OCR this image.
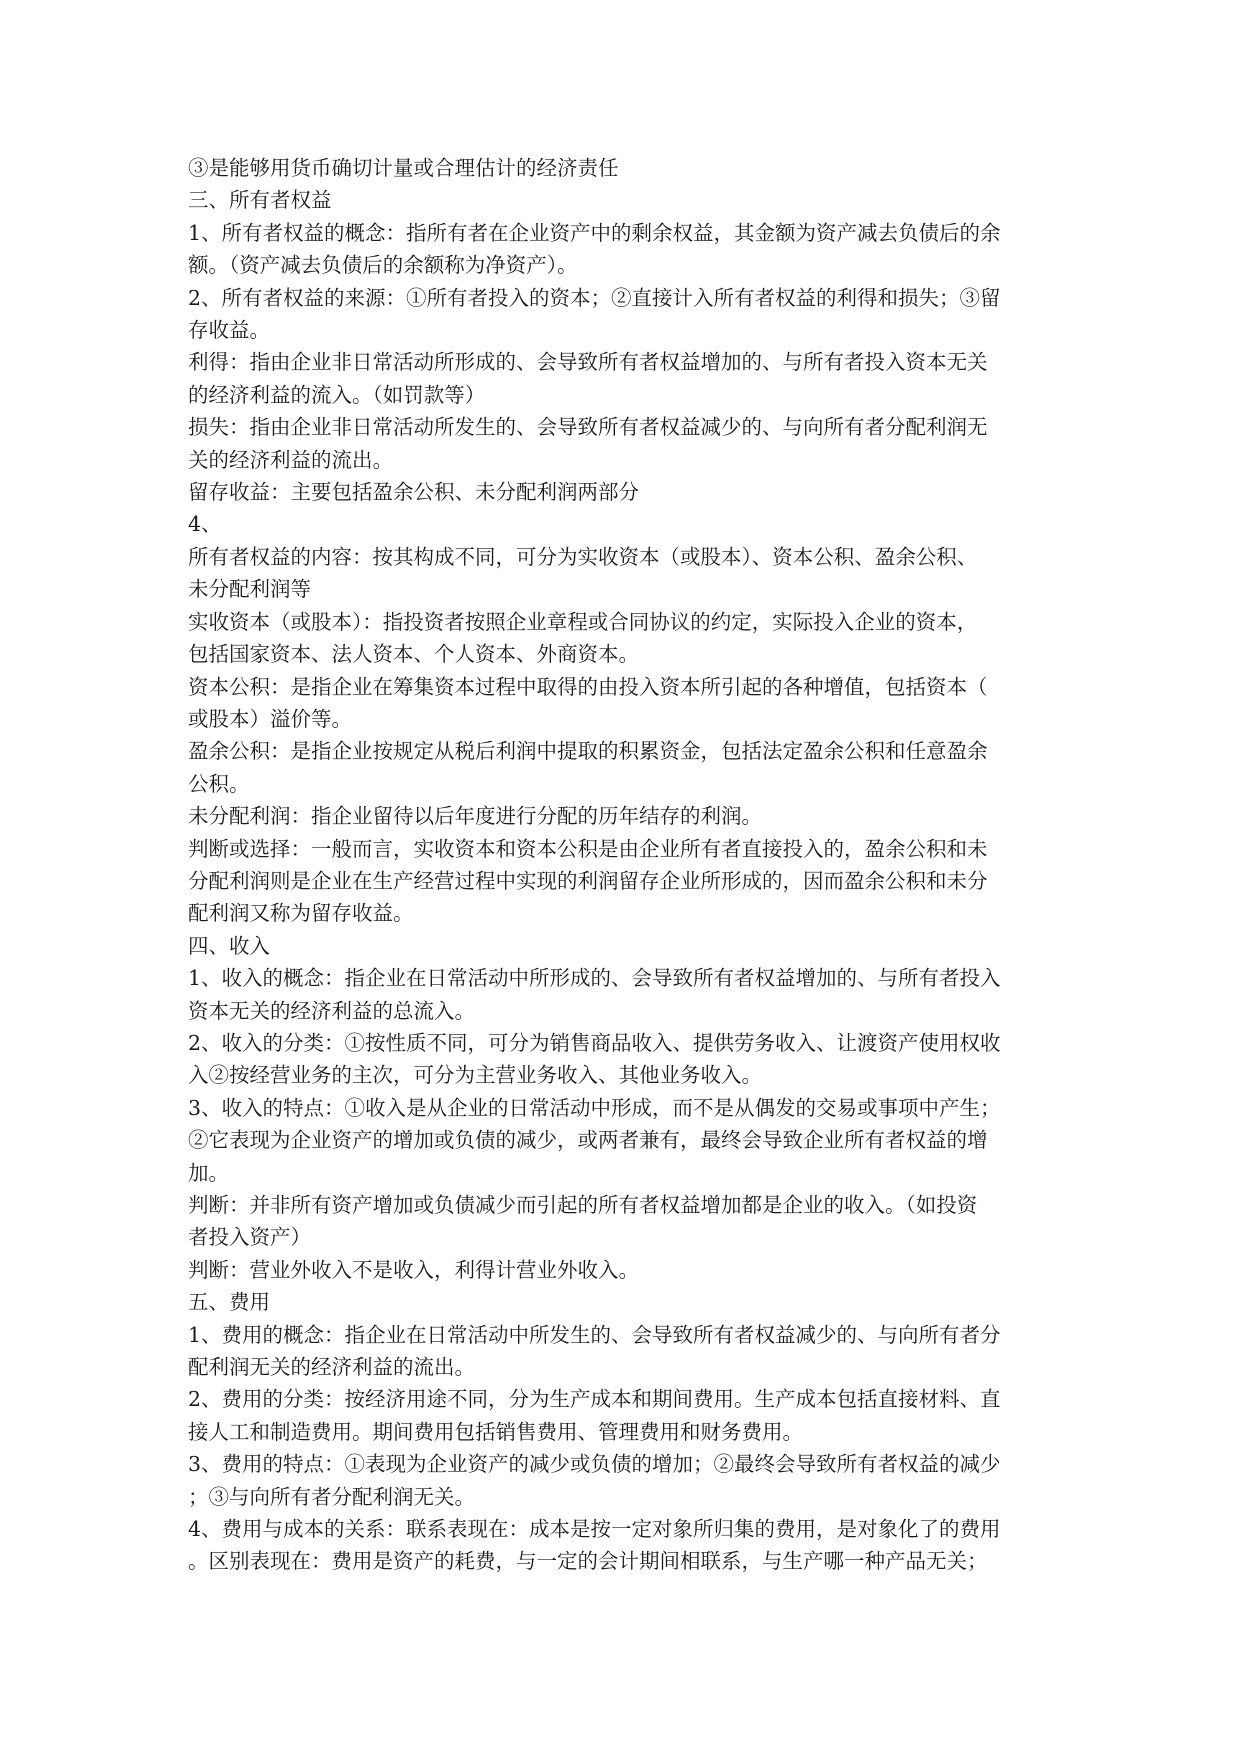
③是能够用货币确切计量或合理估计的经济责任
三、所有者权益
1、所有者权益的概念：指所有者在企业资产中的剩余权益，其金额为资产减去负债后的余
额。（资产减去负债后的余额称为净资产）。
2、所有者权益的来源：①所有者投入的资本；②直接计入所有者权益的利得和损失；③留
存收益。
利得：指由企业非日常活动所形成的、会导致所有者权益增加的、与所有者投入资本无关
的经济利益的流入。（如罚款等）
损失：指由企业非日常活动所发生的、会导致所有者权益减少的、与向所有者分配利润无
关的经济利益的流出。
留存收益：主要包括盈余公积、未分配利润两部分
4、
所有者权益的内容：按其构成不同，可分为实收资本（或股本）、资本公积、盈余公积、
未分配利润等
实收资本（或股本）：指投资者按照企业章程或合同协议的约定，实际投入企业的资本，
包括国家资本、法人资本、个人资本、外商资本。
资本公积：是指企业在筹集资本过程中取得的由投入资本所引起的各种增值，包括资本（
或股本）溢价等。
盈余公积：是指企业按规定从税后利润中提取的积累资金，包括法定盈余公积和任意盈余
公积。
未分配利润：指企业留待以后年度进行分配的历年结存的利润。
判断或选择：一般而言，实收资本和资本公积是由企业所有者直接投入的，盈余公积和未
分配利润则是企业在生产经营过程中实现的利润留存企业所形成的，因而盈余公积和未分
配利润又称为留存收益。
四、收入
1、收入的概念：指企业在日常活动中所形成的、会导致所有者权益增加的、与所有者投入
资本无关的经济利益的总流入。
2、收入的分类：①按性质不同，可分为销售商品收入、提供劳务收入、让渡资产使用权收
入②按经营业务的主次，可分为主营业务收入、其他业务收入。
3、收入的特点：①收入是从企业的日常活动中形成，而不是从偶发的交易或事项中产生；
②它表现为企业资产的增加或负债的减少，或两者兼有，最终会导致企业所有者权益的增
加。
判断：并非所有资产增加或负债减少而引起的所有者权益增加都是企业的收入。（如投资
者投入资产）
判断：营业外收入不是收入，利得计营业外收入。
五、费用
1、费用的概念：指企业在日常活动中所发生的、会导致所有者权益减少的、与向所有者分
配利润无关的经济利益的流出。
2、费用的分类：按经济用途不同，分为生产成本和期间费用。生产成本包括直接材料、直
接人工和制造费用。期间费用包括销售费用、管理费用和财务费用。
3、费用的特点：①表现为企业资产的减少或负债的增加；②最终会导致所有者权益的减少
；③与向所有者分配利润无关。
4、费用与成本的关系：联系表现在：成本是按一定对象所归集的费用，是对象化了的费用
。区别表现在：费用是资产的耗费，与一定的会计期间相联系，与生产哪一种产品无关；
